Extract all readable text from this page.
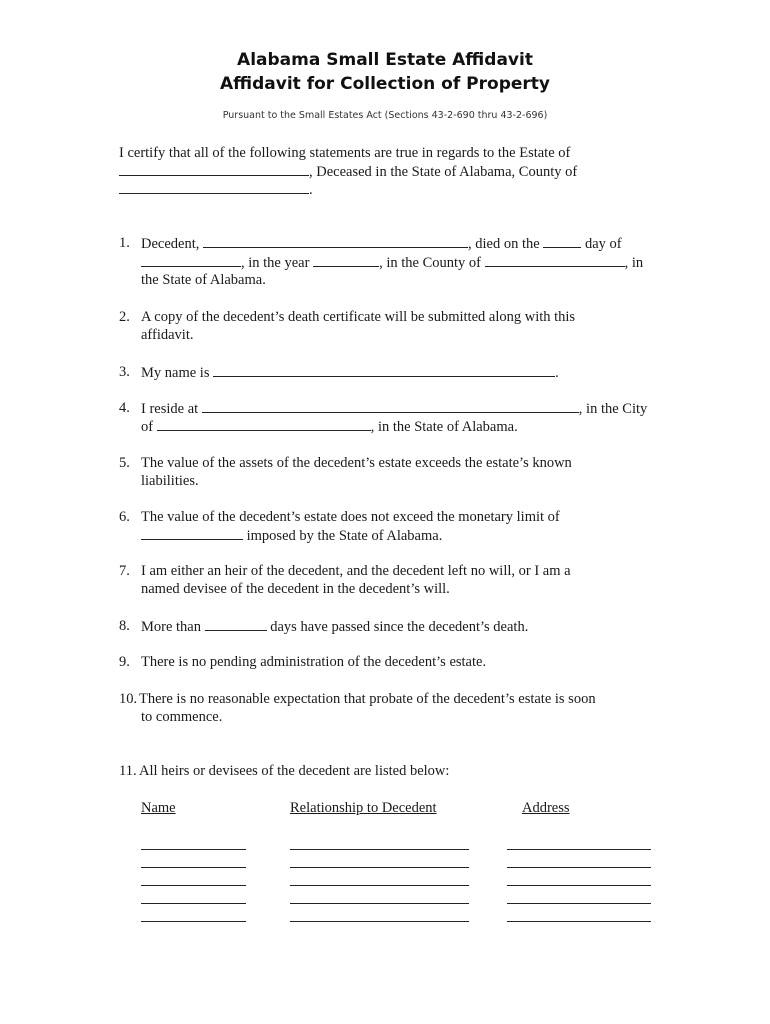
Alabama Small Estate Affidavit
Affidavit for Collection of Property
Pursuant to the Small Estates Act (Sections 43-2-690 thru 43-2-696)
I certify that all of the following statements are true in regards to the Estate of
, Deceased in the State of Alabama, County of
.
1. Decedent,	, died on the	day of
, in the year	, in the County of	, in
the State of Alabama.
2. A copy of the decedent’s death certificate will be submitted along with this
affidavit.
3. My name is	.
4. I reside at	, in the City
of	, in the State of Alabama.
5. The value of the assets of the decedent’s estate exceeds the estate’s known
liabilities.
6. The value of the decedent’s estate does not exceed the monetary limit of
imposed by the State of Alabama.
7. I am either an heir of the decedent, and the decedent left no will, or I am a
named devisee of the decedent in the decedent’s will.
8. More than	days have passed since the decedent’s death.
9. There is no pending administration of the decedent’s estate.
10. There is no reasonable expectation that probate of the decedent’s estate is soon
to commence.
11. All heirs or devisees of the decedent are listed below:
Name	Relationship to Decedent	Address
